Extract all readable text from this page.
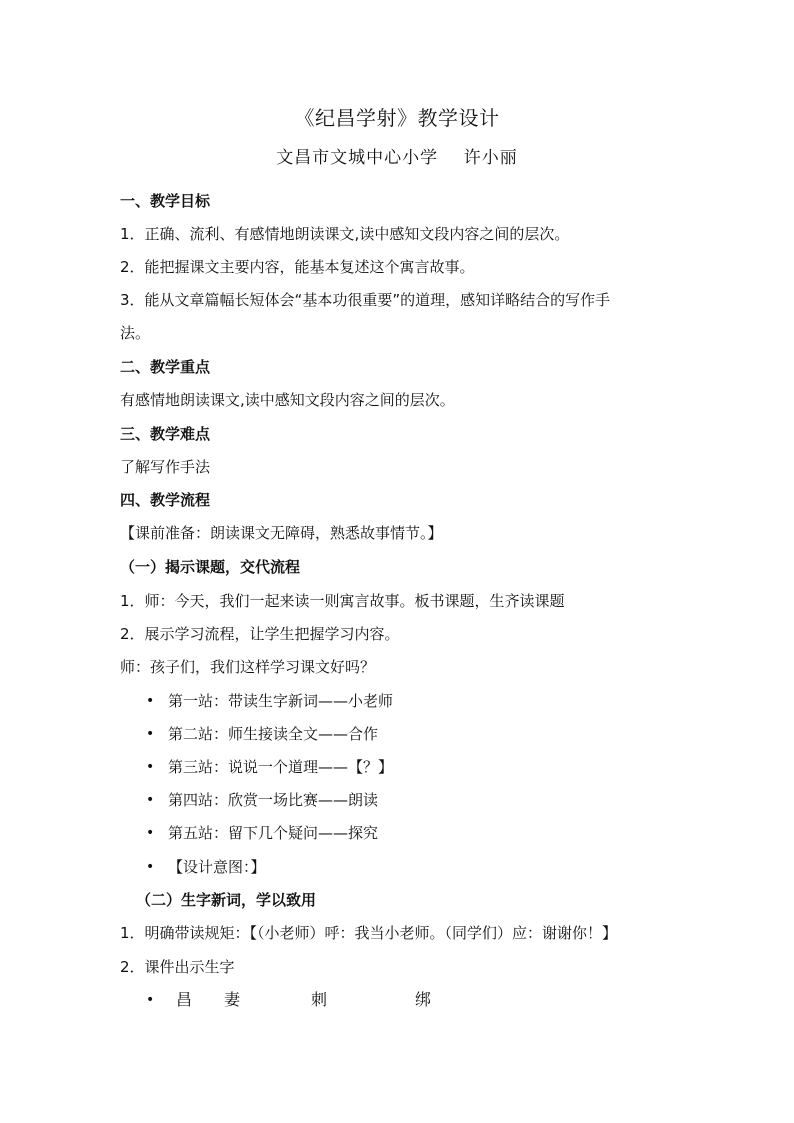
《纪昌学射》教学设计
文昌市文城中心小学    许小丽
一、教学目标
1．正确、流利、有感情地朗读课文,读中感知文段内容之间的层次。
2．能把握课文主要内容，能基本复述这个寓言故事。
3．能从文章篇幅长短体会“基本功很重要”的道理，感知详略结合的写作手
法。
二、教学重点
有感情地朗读课文,读中感知文段内容之间的层次。
三、教学难点
了解写作手法
四、教学流程
【课前准备：朗读课文无障碍，熟悉故事情节。】
（一）揭示课题，交代流程
1．师：今天，我们一起来读一则寓言故事。板书课题，生齐读课题
2．展示学习流程，让学生把握学习内容。
师：孩子们，我们这样学习课文好吗？
• 第一站：带读生字新词——小老师
• 第二站：师生接读全文——合作
• 第三站：说说一个道理——【？】
• 第四站：欣赏一场比赛——朗读
• 第五站：留下几个疑问——探究
• 【设计意图：】
（二）生字新词，学以致用
1．明确带读规矩：【（小老师）呼：我当小老师。（同学们）应：谢谢你！】
2．课件出示生字
• 昌 妻	刺	绑
